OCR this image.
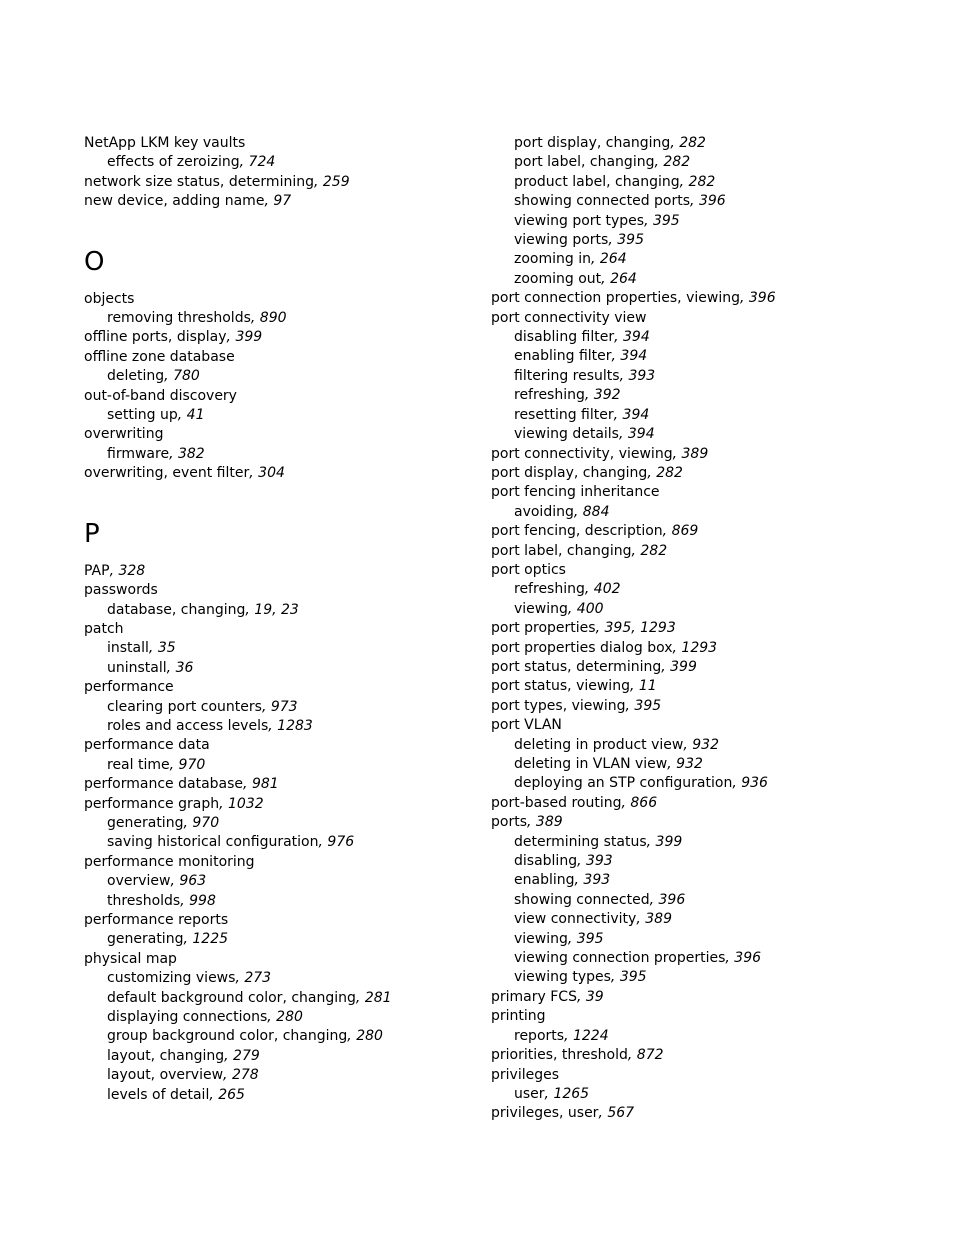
NetApp LKM key vaults
effects of zeroizing, 724
network size status, determining, 259
new device, adding name, 97
O
objects
removing thresholds, 890
offline ports, display, 399
offline zone database
deleting, 780
out-of-band discovery
setting up, 41
overwriting
firmware, 382
overwriting, event filter, 304
P
PAP, 328
passwords
database, changing, 19, 23
patch
install, 35
uninstall, 36
performance
clearing port counters, 973
roles and access levels, 1283
performance data
real time, 970
performance database, 981
performance graph, 1032
generating, 970
saving historical configuration, 976
performance monitoring
overview, 963
thresholds, 998
performance reports
generating, 1225
physical map
customizing views, 273
default background color, changing, 281
displaying connections, 280
group background color, changing, 280
layout, changing, 279
layout, overview, 278
levels of detail, 265
port display, changing, 282
port label, changing, 282
product label, changing, 282
showing connected ports, 396
viewing port types, 395
viewing ports, 395
zooming in, 264
zooming out, 264
port connection properties, viewing, 396
port connectivity view
disabling filter, 394
enabling filter, 394
filtering results, 393
refreshing, 392
resetting filter, 394
viewing details, 394
port connectivity, viewing, 389
port display, changing, 282
port fencing inheritance
avoiding, 884
port fencing, description, 869
port label, changing, 282
port optics
refreshing, 402
viewing, 400
port properties, 395, 1293
port properties dialog box, 1293
port status, determining, 399
port status, viewing, 11
port types, viewing, 395
port VLAN
deleting in product view, 932
deleting in VLAN view, 932
deploying an STP configuration, 936
port-based routing, 866
ports, 389
determining status, 399
disabling, 393
enabling, 393
showing connected, 396
view connectivity, 389
viewing, 395
viewing connection properties, 396
viewing types, 395
primary FCS, 39
printing
reports, 1224
priorities, threshold, 872
privileges
user, 1265
privileges, user, 567
